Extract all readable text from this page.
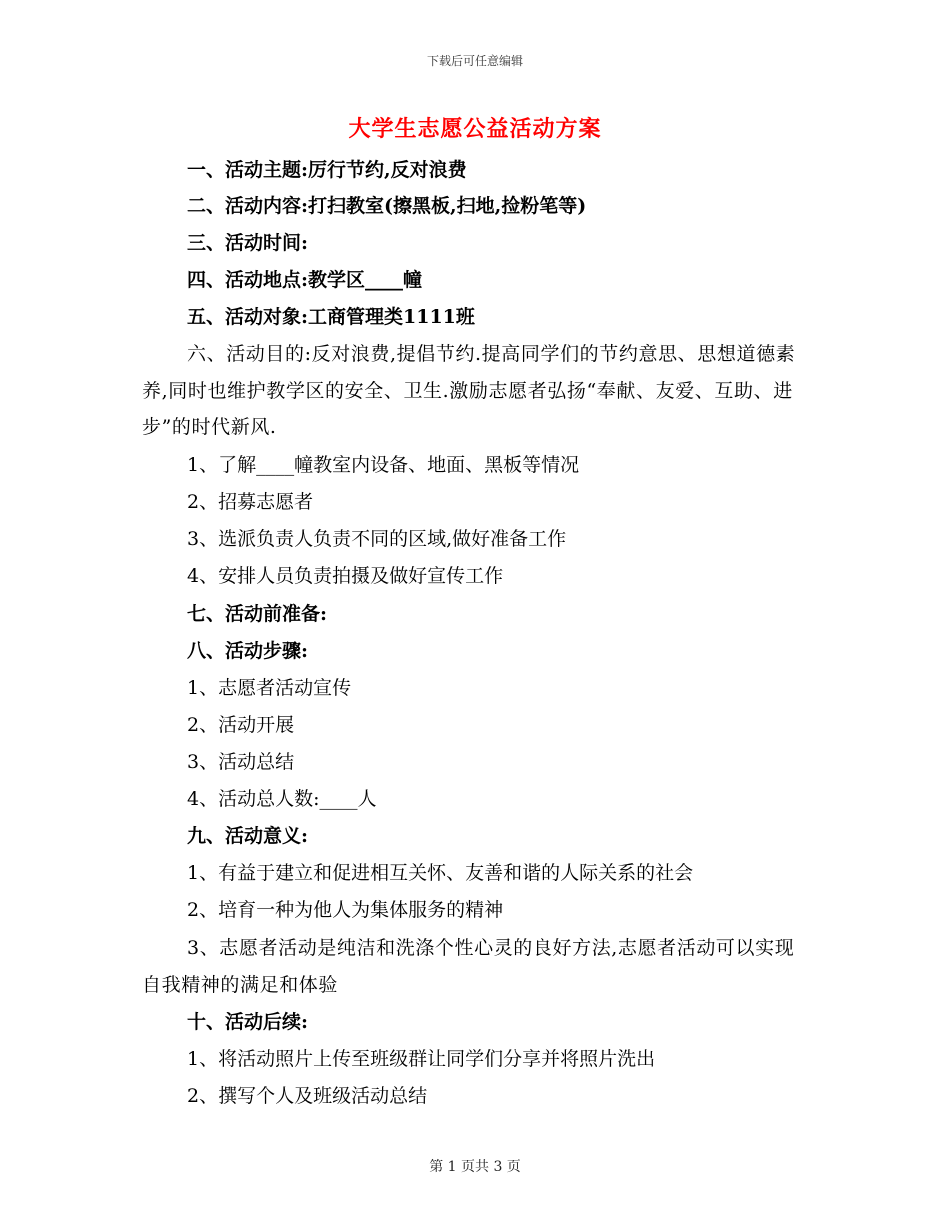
下载后可任意编辑
大学生志愿公益活动方案
一、活动主题:厉行节约,反对浪费
二、活动内容:打扫教室(擦黑板,扫地,捡粉笔等)
三、活动时间:
四、活动地点:教学区____幢
五、活动对象:工商管理类1111班
六、活动目的:反对浪费,提倡节约.提高同学们的节约意思、思想道德素养,同时也维护教学区的安全、卫生.激励志愿者弘扬“奉献、友爱、互助、进步”的时代新风.
1、了解____幢教室内设备、地面、黑板等情况
2、招募志愿者
3、选派负责人负责不同的区域,做好准备工作
4、安排人员负责拍摄及做好宣传工作
七、活动前准备:
八、活动步骤:
1、志愿者活动宣传
2、活动开展
3、活动总结
4、活动总人数:____人
九、活动意义:
1、有益于建立和促进相互关怀、友善和谐的人际关系的社会
2、培育一种为他人为集体服务的精神
3、志愿者活动是纯洁和洗涤个性心灵的良好方法,志愿者活动可以实现自我精神的满足和体验
十、活动后续:
1、将活动照片上传至班级群让同学们分享并将照片洗出
2、撰写个人及班级活动总结
第 1 页共 3 页
